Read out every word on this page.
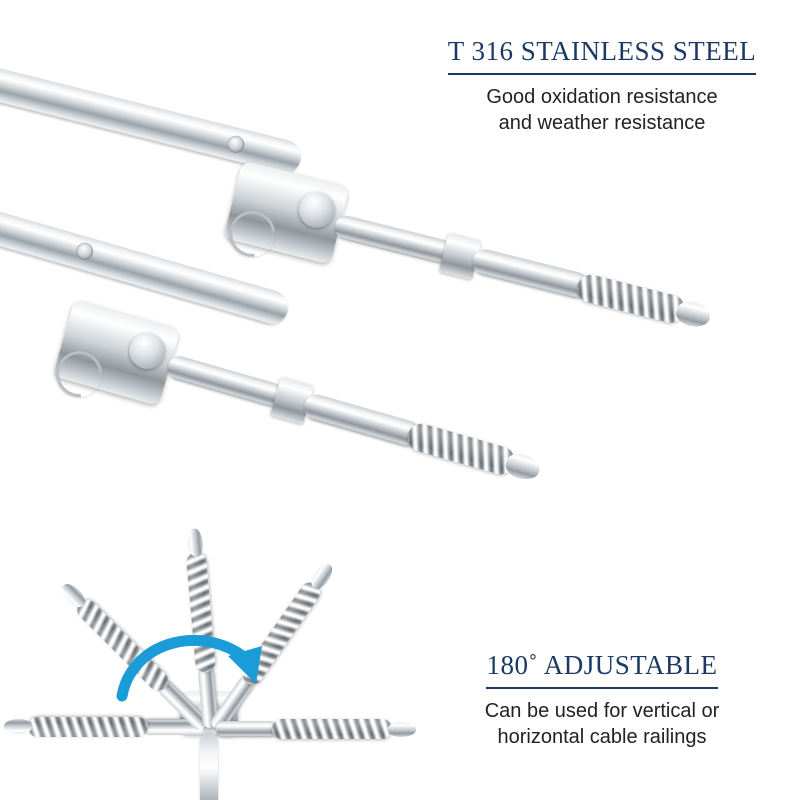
T 316 STAINLESS STEEL
Good oxidation resistance
and weather resistance
180˚ ADJUSTABLE
Can be used for vertical or
horizontal cable railings
